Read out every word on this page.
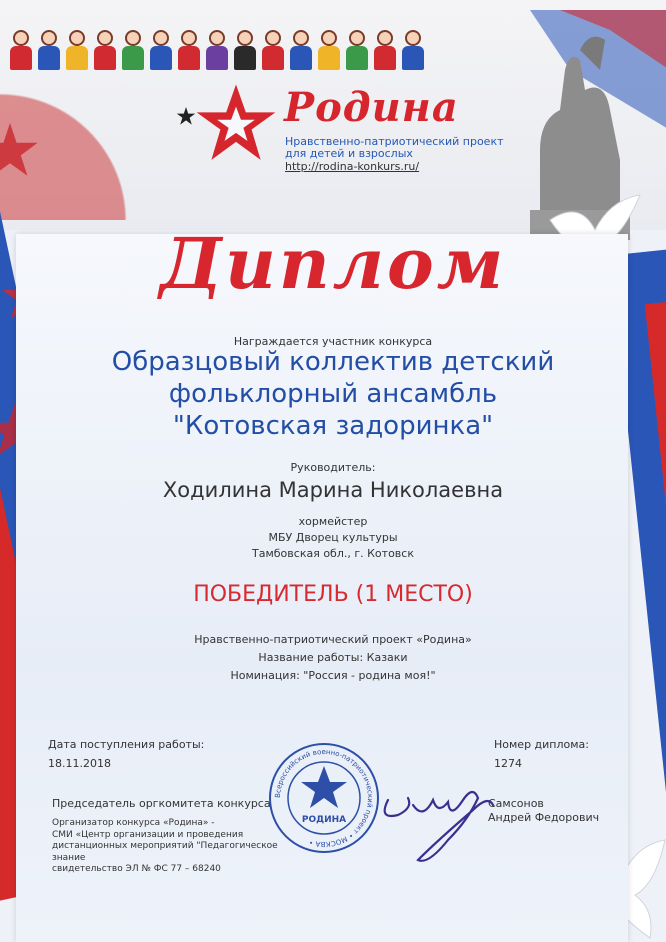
Родина
Нравственно-патриотический проект
для детей и взрослых
http://rodina-konkurs.ru/
Диплом
Награждается участник конкурса
Образцовый коллектив детский фольклорный ансамбль "Котовская задоринка"
Руководитель:
Ходилина Марина Николаевна
хормейстер
МБУ Дворец культуры
Тамбовская обл., г. Котовск
ПОБЕДИТЕЛЬ (1 МЕСТО)
Нравственно-патриотический проект «Родина»
Название работы: Казаки
Номинация: "Россия - родина моя!"
Дата поступления работы:
18.11.2018
Номер диплома:
1274
Председатель оргкомитета конкурса
Организатор конкурса «Родина» -
СМИ «Центр организации и проведения
дистанционных мероприятий "Педагогическое знание
свидетельство ЭЛ № ФС 77 – 68240
Самсонов
Андрей Федорович
Всероссийский военно-патриотический проект • МОСКВА •
РОДИНА
